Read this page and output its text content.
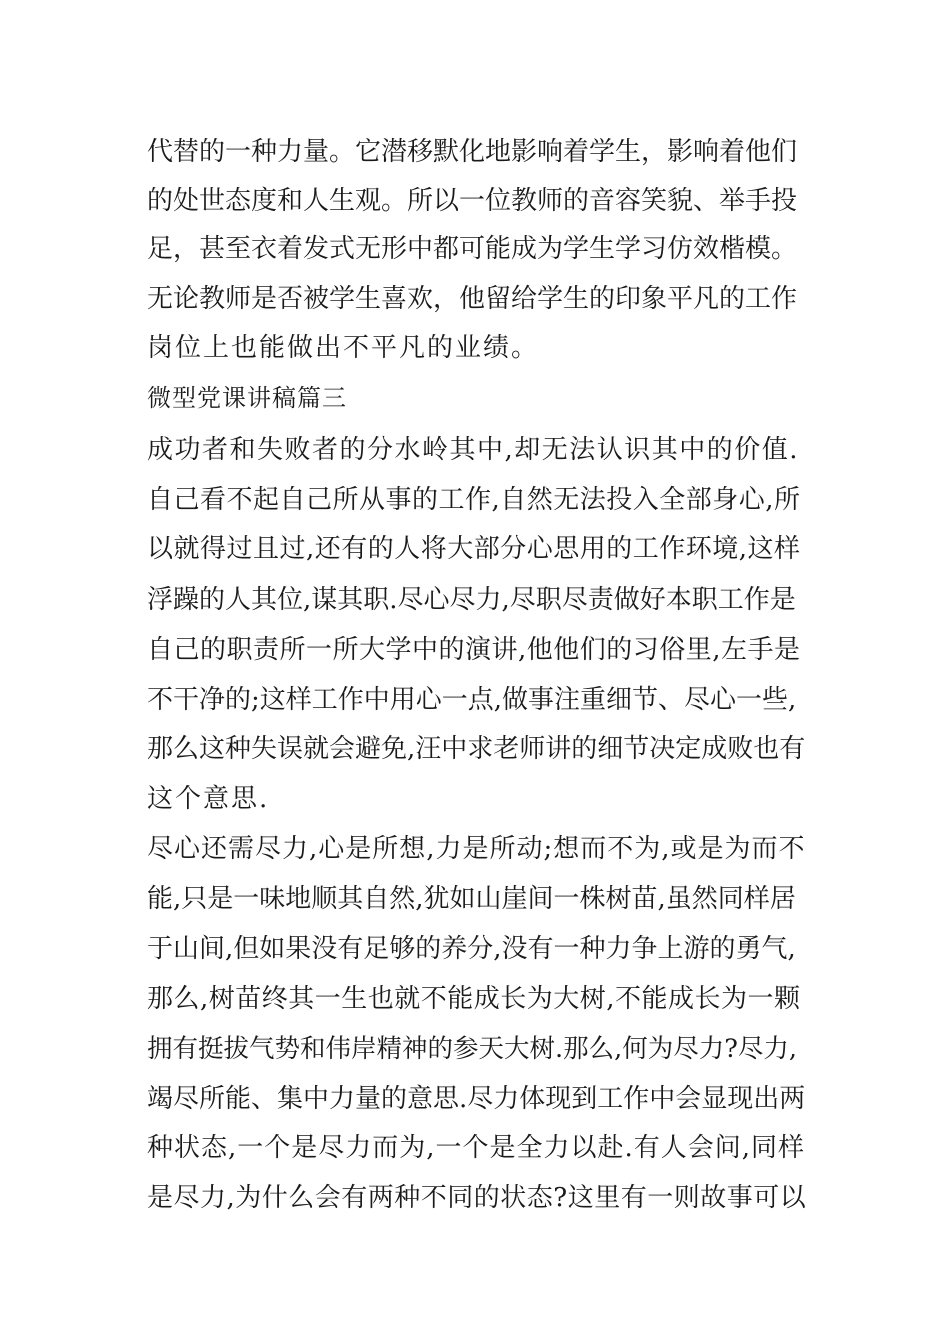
代替的一种力量。它潜移默化地影响着学生，影响着他们
的处世态度和人生观。所以一位教师的音容笑貌、举手投
足，甚至衣着发式无形中都可能成为学生学习仿效楷模。
无论教师是否被学生喜欢，他留给学生的印象平凡的工作
岗位上也能做出不平凡的业绩。
微型党课讲稿篇三
成功者和失败者的分水岭其中,却无法认识其中的价值.
自己看不起自己所从事的工作,自然无法投入全部身心,所
以就得过且过,还有的人将大部分心思用的工作环境,这样
浮躁的人其位,谋其职.尽心尽力,尽职尽责做好本职工作是
自己的职责所一所大学中的演讲,他他们的习俗里,左手是
不干净的;这样工作中用心一点,做事注重细节、尽心一些,
那么这种失误就会避免,汪中求老师讲的细节决定成败也有
这个意思.
尽心还需尽力,心是所想,力是所动;想而不为,或是为而不
能,只是一味地顺其自然,犹如山崖间一株树苗,虽然同样居
于山间,但如果没有足够的养分,没有一种力争上游的勇气,
那么,树苗终其一生也就不能成长为大树,不能成长为一颗
拥有挺拔气势和伟岸精神的参天大树.那么,何为尽力?尽力,
竭尽所能、集中力量的意思.尽力体现到工作中会显现出两
种状态,一个是尽力而为,一个是全力以赴.有人会问,同样
是尽力,为什么会有两种不同的状态?这里有一则故事可以
